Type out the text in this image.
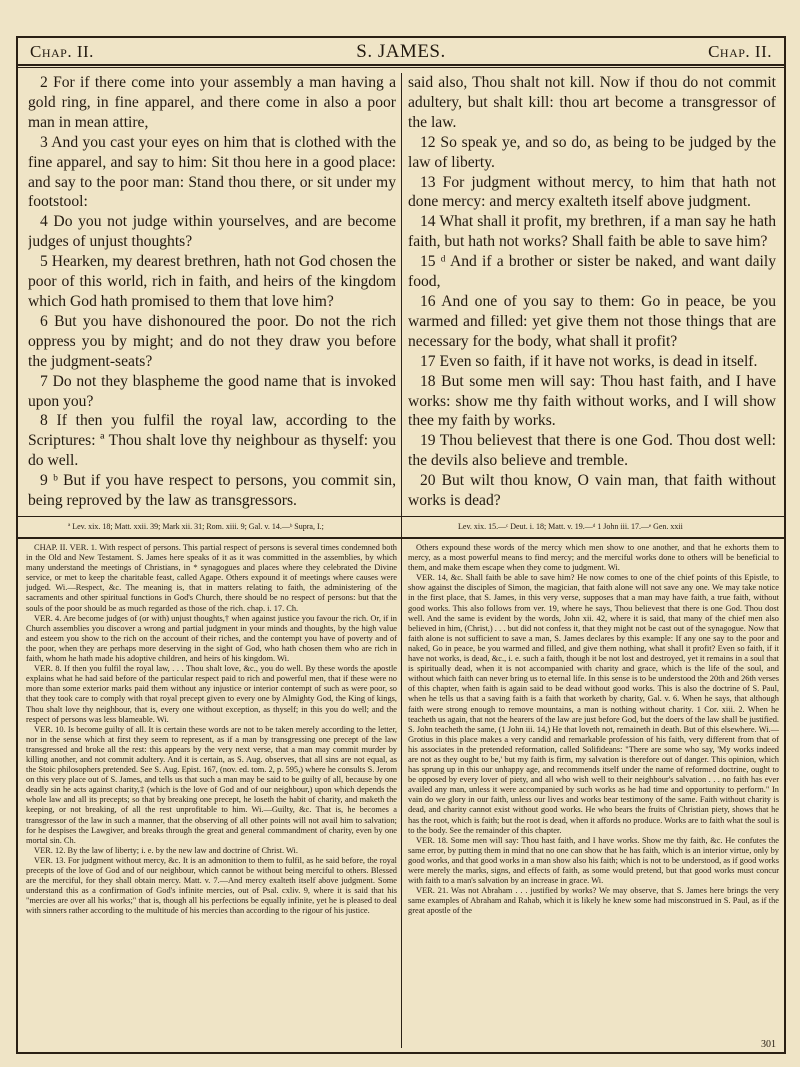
Chap. II.	S. JAMES.	Chap. II.

2 For if there come into your assembly a man having a gold ring, in fine apparel, and there come in also a poor man in mean attire,

3 And you cast your eyes on him that is clothed with the fine apparel, and say to him: Sit thou here in a good place: and say to the poor man: Stand thou there, or sit under my footstool:

4 Do you not judge within yourselves, and are become judges of unjust thoughts?

5 Hearken, my dearest brethren, hath not God chosen the poor of this world, rich in faith, and heirs of the kingdom which God hath promised to them that love him?

6 But you have dishonoured the poor. Do not the rich oppress you by might; and do not they draw you before the judgment-seats?

7 Do not they blaspheme the good name that is invoked upon you?

8 If then you fulfil the royal law, according to the Scriptures: ª Thou shalt love thy neighbour as thyself: you do well.

9 ᵇ But if you have respect to persons, you commit sin, being reproved by the law as transgressors.

said also, Thou shalt not kill. Now if thou do not commit adultery, but shalt kill: thou art become a transgressor of the law.

12 So speak ye, and so do, as being to be judged by the law of liberty.

13 For judgment without mercy, to him that hath not done mercy: and mercy exalteth itself above judgment.

14 What shall it profit, my brethren, if a man say he hath faith, but hath not works? Shall faith be able to save him?

15 ᵈ And if a brother or sister be naked, and want daily food,

16 And one of you say to them: Go in peace, be you warmed and filled: yet give them not those things that are necessary for the body, what shall it profit?

17 Even so faith, if it have not works, is dead in itself.

18 But some men will say: Thou hast faith, and I have works: show me thy faith without works, and I will show thee my faith by works.

19 Thou believest that there is one God. Thou dost well: the devils also believe and tremble.

20 But wilt thou know, O vain man, that faith without works is dead?

ª Lev. xix. 18; Matt. xxii. 39; Mark xii. 31; Rom. xiii. 9; Gal. v. 14.—ᵇ Supra, I.;	Lev. xix. 15.—ᶜ Deut. i. 18; Matt. v. 19.—ᵈ 1 John iii. 17.—ᵉ Gen. xxii

CHAP. II. VER. 1. With respect of persons. This partial respect of persons is several times condemned both in the Old and New Testament. S. James here speaks of it as it was committed in the assemblies, by which many understand the meetings of Christians, in * synagogues and places where they celebrated the Divine service, or met to keep the charitable feast, called Agape. Others expound it of meetings where causes were judged. Wi.—Respect, &c. The meaning is, that in matters relating to faith, the administering of the sacraments and other spiritual functions in God's Church, there should be no respect of persons: but that the souls of the poor should be as much regarded as those of the rich. chap. i. 17. Ch.

VER. 4. Are become judges of (or with) unjust thoughts,† when against justice you favour the rich. Or, if in Church assemblies you discover a wrong and partial judgment in your minds and thoughts, by the high value and esteem you show to the rich on the account of their riches, and the contempt you have of poverty and of the poor, when they are perhaps more deserving in the sight of God, who hath chosen them who are rich in faith, whom he hath made his adoptive children, and heirs of his kingdom. Wi.

VER. 8. If then you fulfil the royal law, . . . Thou shalt love, &c., you do well. By these words the apostle explains what he had said before of the particular respect paid to rich and powerful men, that if these were no more than some exterior marks paid them without any injustice or interior contempt of such as were poor, so that they took care to comply with that royal precept given to every one by Almighty God, the King of kings, Thou shalt love thy neighbour, that is, every one without exception, as thyself; in this you do well; and the respect of persons was less blameable. Wi.

VER. 10. Is become guilty of all. It is certain these words are not to be taken merely according to the letter, nor in the sense which at first they seem to represent, as if a man by transgressing one precept of the law transgressed and broke all the rest: this appears by the very next verse, that a man may commit murder by killing another, and not commit adultery. And it is certain, as S. Aug. observes, that all sins are not equal, as the Stoic philosophers pretended. See S. Aug. Epist. 167, (nov. ed. tom. 2, p. 595,) where he consults S. Jerom on this very place out of S. James, and tells us that such a man may be said to be guilty of all, because by one deadly sin he acts against charity,‡ (which is the love of God and of our neighbour,) upon which depends the whole law and all its precepts; so that by breaking one precept, he loseth the habit of charity, and maketh the keeping, or not breaking, of all the rest unprofitable to him. Wi.—Guilty, &c. That is, he becomes a transgressor of the law in such a manner, that the observing of all other points will not avail him to salvation; for he despises the Lawgiver, and breaks through the great and general commandment of charity, even by one mortal sin. Ch.

VER. 12. By the law of liberty; i. e. by the new law and doctrine of Christ. Wi.

VER. 13. For judgment without mercy, &c. It is an admonition to them to fulfil, as he said before, the royal precepts of the love of God and of our neighbour, which cannot be without being merciful to others. Blessed are the merciful, for they shall obtain mercy. Matt. v. 7.—And mercy exalteth itself above judgment. Some understand this as a confirmation of God's infinite mercies, out of Psal. cxliv. 9, where it is said that his "mercies are over all his works;" that is, though all his perfections be equally infinite, yet he is pleased to deal with sinners rather according to the multitude of his mercies than according to the rigour of his justice.

Others expound these words of the mercy which men show to one another, and that he exhorts them to mercy, as a most powerful means to find mercy; and the merciful works done to others will be beneficial to them, and make them escape when they come to judgment. Wi.

VER. 14, &c. Shall faith be able to save him? He now comes to one of the chief points of this Epistle, to show against the disciples of Simon, the magician, that faith alone will not save any one. We may take notice in the first place, that S. James, in this very verse, supposes that a man may have faith, a true faith, without good works. This also follows from ver. 19, where he says, Thou believest that there is one God. Thou dost well. And the same is evident by the words, John xii. 42, where it is said, that many of the chief men also believed in him, (Christ,) . . . but did not confess it, that they might not be cast out of the synagogue. Now that faith alone is not sufficient to save a man, S. James declares by this example: If any one say to the poor and naked, Go in peace, be you warmed and filled, and give them nothing, what shall it profit? Even so faith, if it have not works, is dead, &c., i. e. such a faith, though it be not lost and destroyed, yet it remains in a soul that is spiritually dead, when it is not accompanied with charity and grace, which is the life of the soul, and without which faith can never bring us to eternal life. In this sense is to be understood the 20th and 26th verses of this chapter, when faith is again said to be dead without good works. This is also the doctrine of S. Paul, when he tells us that a saving faith is a faith that worketh by charity, Gal. v. 6. When he says, that although faith were strong enough to remove mountains, a man is nothing without charity. 1 Cor. xiii. 2. When he teacheth us again, that not the hearers of the law are just before God, but the doers of the law shall be justified. S. John teacheth the same, (1 John iii. 14,) He that loveth not, remaineth in death. But of this elsewhere. Wi.—Grotius in this place makes a very candid and remarkable profession of his faith, very different from that of his associates in the pretended reformation, called Solifideans: "There are some who say, 'My works indeed are not as they ought to be,' but my faith is firm, my salvation is therefore out of danger. This opinion, which has sprung up in this our unhappy age, and recommends itself under the name of reformed doctrine, ought to be opposed by every lover of piety, and all who wish well to their neighbour's salvation . . . no faith has ever availed any man, unless it were accompanied by such works as he had time and opportunity to perform." In vain do we glory in our faith, unless our lives and works bear testimony of the same. Faith without charity is dead, and charity cannot exist without good works. He who bears the fruits of Christian piety, shows that he has the root, which is faith; but the root is dead, when it affords no produce. Works are to faith what the soul is to the body. See the remainder of this chapter.

VER. 18. Some men will say: Thou hast faith, and I have works. Show me thy faith, &c. He confutes the same error, by putting them in mind that no one can show that he has faith, which is an interior virtue, only by good works, and that good works in a man show also his faith; which is not to be understood, as if good works were merely the marks, signs, and effects of faith, as some would pretend, but that good works must concur with faith to a man's salvation by an increase in grace. Wi.

VER. 21. Was not Abraham . . . justified by works? We may observe, that S. James here brings the very same examples of Abraham and Rahab, which it is likely he knew some had misconstrued in S. Paul, as if the great apostle of the

301
